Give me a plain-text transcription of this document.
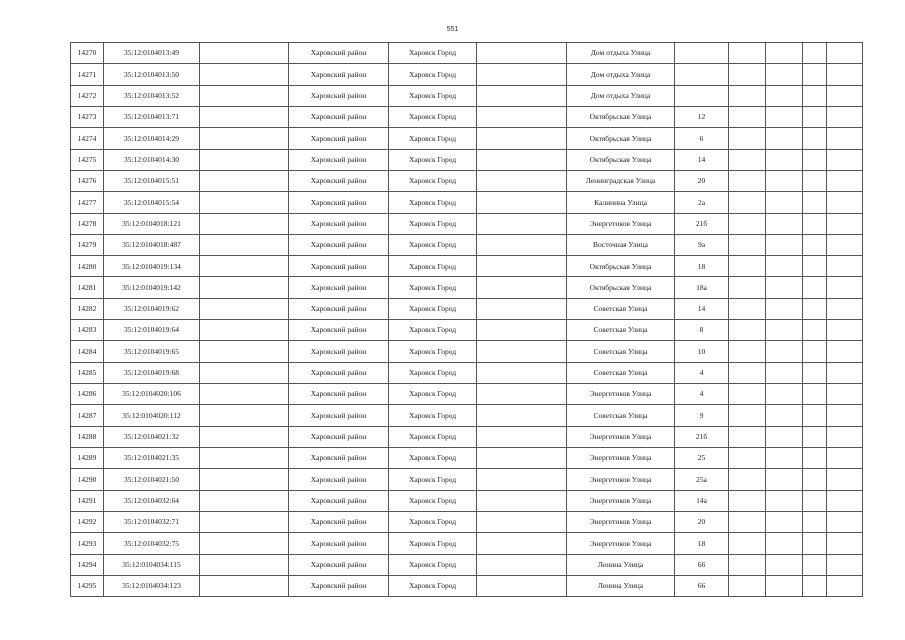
551
14270	35:12:0104013:49		Харовский район	Харовск Город		Дом отдыха Улица					
14271	35:12:0104013:50		Харовский район	Харовск Город		Дом отдыха Улица					
14272	35:12:0104013:52		Харовский район	Харовск Город		Дом отдыха Улица					
14273	35:12:0104013:71		Харовский район	Харовск Город		Октябрьская Улица	12				
14274	35:12:0104014:29		Харовский район	Харовск Город		Октябрьская Улица	6				
14275	35:12:0104014:30		Харовский район	Харовск Город		Октябрьская Улица	14				
14276	35:12:0104015:51		Харовский район	Харовск Город		Ленинградская Улица	20				
14277	35:12:0104015:54		Харовский район	Харовск Город		Калинина Улица	2а				
14278	35:12:0104018:121		Харовский район	Харовск Город		Энергетиков Улица	21б				
14279	35:12:0104018:487		Харовский район	Харовск Город		Восточная Улица	9а				
14280	35:12:0104019:134		Харовский район	Харовск Город		Октябрьская Улица	18				
14281	35:12:0104019:142		Харовский район	Харовск Город		Октябрьская Улица	18а				
14282	35:12:0104019:62		Харовский район	Харовск Город		Советская Улица	14				
14283	35:12:0104019:64		Харовский район	Харовск Город		Советская Улица	8				
14284	35:12:0104019:65		Харовский район	Харовск Город		Советская Улица	10				
14285	35:12:0104019:68		Харовский район	Харовск Город		Советская Улица	4				
14286	35:12:0104020:106		Харовский район	Харовск Город		Энергетиков Улица	4				
14287	35:12:0104020:112		Харовский район	Харовск Город		Советская Улица	9				
14288	35:12:0104021:32		Харовский район	Харовск Город		Энергетиков Улица	21б				
14289	35:12:0104021:35		Харовский район	Харовск Город		Энергетиков Улица	25				
14290	35:12:0104021:50		Харовский район	Харовск Город		Энергетиков Улица	25а				
14291	35:12:0104032:64		Харовский район	Харовск Город		Энергетиков Улица	14а				
14292	35:12:0104032:71		Харовский район	Харовск Город		Энергетиков Улица	20				
14293	35:12:0104032:75		Харовский район	Харовск Город		Энергетиков Улица	18				
14294	35:12:0104034:115		Харовский район	Харовск Город		Ленина Улица	66				
14295	35:12:0104034:123		Харовский район	Харовск Город		Ленина Улица	66				
